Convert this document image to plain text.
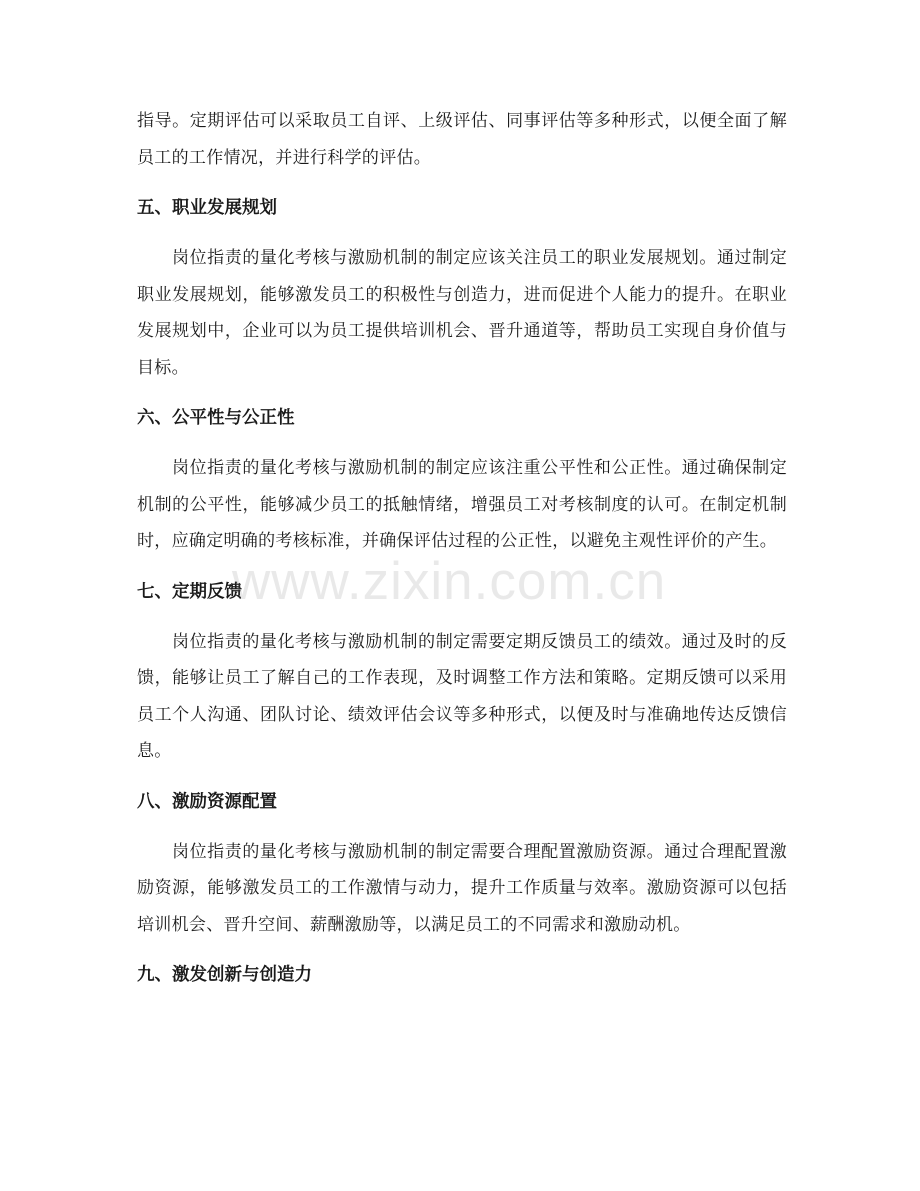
指导。定期评估可以采取员工自评、上级评估、同事评估等多种形式，以便全面了解员工的工作情况，并进行科学的评估。

五、职业发展规划

岗位指责的量化考核与激励机制的制定应该关注员工的职业发展规划。通过制定职业发展规划，能够激发员工的积极性与创造力，进而促进个人能力的提升。在职业发展规划中，企业可以为员工提供培训机会、晋升通道等，帮助员工实现自身价值与目标。

六、公平性与公正性

岗位指责的量化考核与激励机制的制定应该注重公平性和公正性。通过确保制定机制的公平性，能够减少员工的抵触情绪，增强员工对考核制度的认可。在制定机制时，应确定明确的考核标准，并确保评估过程的公正性，以避免主观性评价的产生。

七、定期反馈

岗位指责的量化考核与激励机制的制定需要定期反馈员工的绩效。通过及时的反馈，能够让员工了解自己的工作表现，及时调整工作方法和策略。定期反馈可以采用员工个人沟通、团队讨论、绩效评估会议等多种形式，以便及时与准确地传达反馈信息。

八、激励资源配置

岗位指责的量化考核与激励机制的制定需要合理配置激励资源。通过合理配置激励资源，能够激发员工的工作激情与动力，提升工作质量与效率。激励资源可以包括培训机会、晋升空间、薪酬激励等，以满足员工的不同需求和激励动机。

九、激发创新与创造力
www.zixin.com.cn
